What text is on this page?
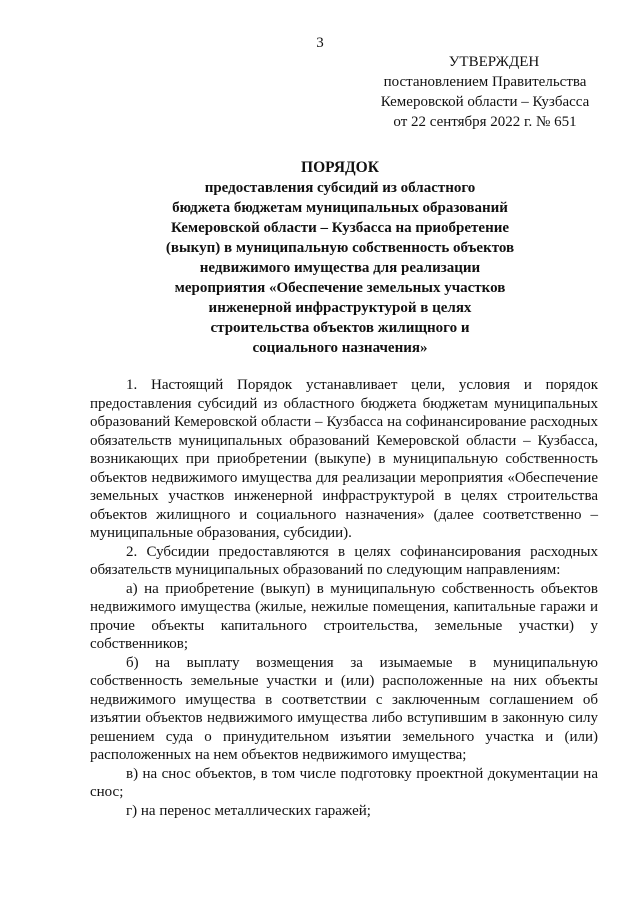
3
УТВЕРЖДЕН
постановлением Правительства
Кемеровской области – Кузбасса
от 22 сентября 2022 г. № 651
ПОРЯДОК
предоставления субсидий из областного
бюджета бюджетам муниципальных образований
Кемеровской области – Кузбасса на приобретение
(выкуп) в муниципальную собственность объектов
недвижимого имущества для реализации
мероприятия «Обеспечение земельных участков
инженерной инфраструктурой в целях
строительства объектов жилищного и
социального назначения»

1. Настоящий Порядок устанавливает цели, условия и порядок предоставления субсидий из областного бюджета бюджетам муниципальных образований Кемеровской области – Кузбасса на софинансирование расходных обязательств муниципальных образований Кемеровской области – Кузбасса, возникающих при приобретении (выкупе) в муниципальную собственность объектов недвижимого имущества для реализации мероприятия «Обеспечение земельных участков инженерной инфраструктурой в целях строительства объектов жилищного и социального назначения» (далее соответственно – муниципальные образования, субсидии).

2. Субсидии предоставляются в целях софинансирования расходных обязательств муниципальных образований по следующим направлениям:

а) на приобретение (выкуп) в муниципальную собственность объектов недвижимого имущества (жилые, нежилые помещения, капитальные гаражи и прочие объекты капитального строительства, земельные участки) у собственников;

б) на выплату возмещения за изымаемые в муниципальную собственность земельные участки и (или) расположенные на них объекты недвижимого имущества в соответствии с заключенным соглашением об изъятии объектов недвижимого имущества либо вступившим в законную силу решением суда о принудительном изъятии земельного участка и (или) расположенных на нем объектов недвижимого имущества;

в) на снос объектов, в том числе подготовку проектной документации на снос;

г) на перенос металлических гаражей;
